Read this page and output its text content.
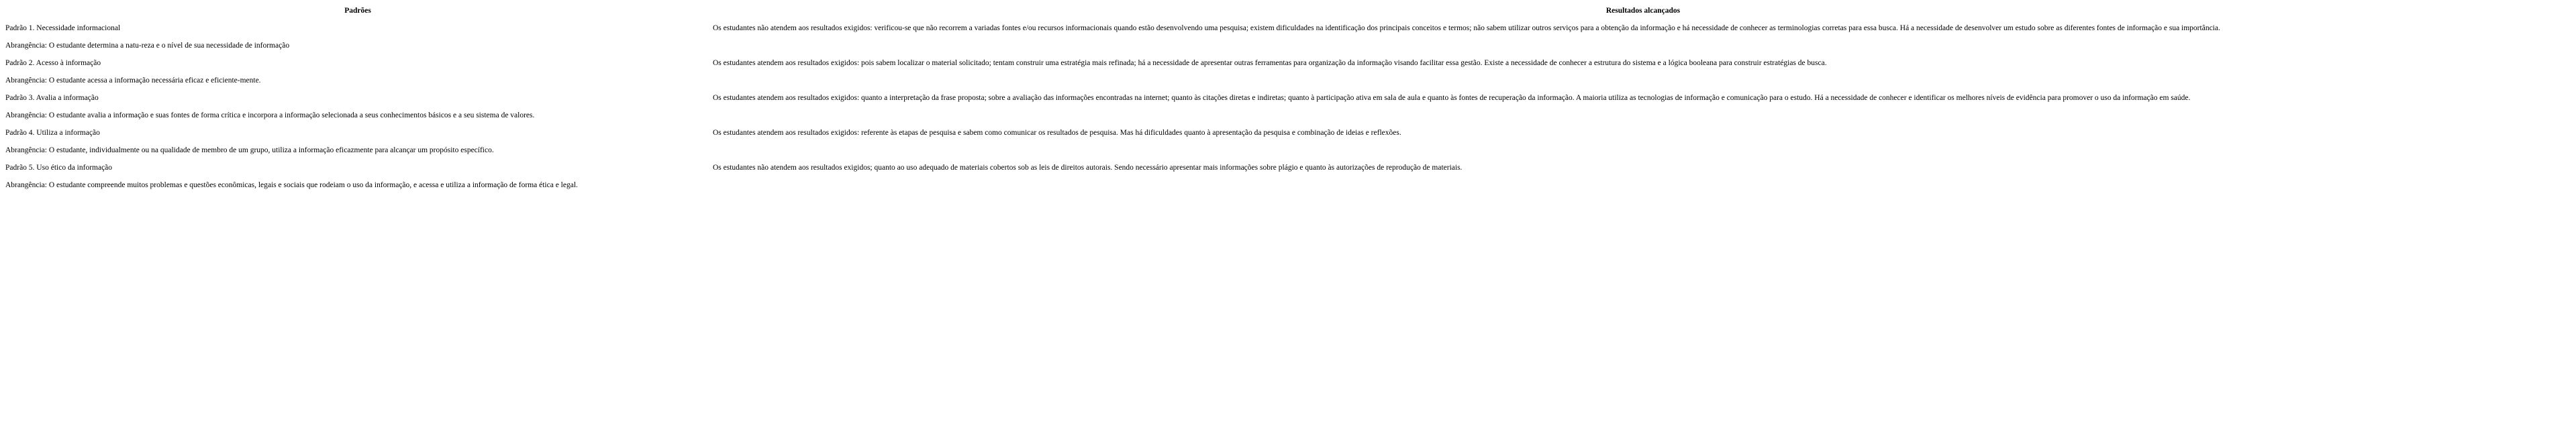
Padrões	Resultados alcançados
Padrão 1. Necessidade informacional	Os estudantes não atendem aos resultados exigidos: verificou-se que não recorrem a variadas fontes e/ou recursos informacionais quando estão desenvolvendo uma pesquisa; existem dificuldades na identificação dos principais conceitos e termos; não sabem utilizar outros serviços para a obtenção da informação e há necessidade de conhecer as terminologias corretas para essa busca. Há a necessidade de desenvolver um estudo sobre as diferentes fontes de informação e sua importância.
Abrangência: O estudante determina a natu-reza e o nível de sua necessidade de informação	
Padrão 2. Acesso à informação	Os estudantes atendem aos resultados exigidos: pois sabem localizar o material solicitado; tentam construir uma estratégia mais refinada; há a necessidade de apresentar outras ferramentas para organização da informação visando facilitar essa gestão. Existe a necessidade de conhecer a estrutura do sistema e a lógica booleana para construir estratégias de busca.
Abrangência: O estudante acessa a informação necessária eficaz e eficiente-mente.	
Padrão 3. Avalia a informação	Os estudantes atendem aos resultados exigidos: quanto a interpretação da frase proposta; sobre a avaliação das informações encontradas na internet; quanto às citações diretas e indiretas; quanto à participação ativa em sala de aula e quanto às fontes de recuperação da informação. A maioria utiliza as tecnologias de informação e comunicação para o estudo. Há a necessidade de conhecer e identificar os melhores níveis de evidência para promover o uso da informação em saúde.
Abrangência: O estudante avalia a informação e suas fontes de forma crítica e incorpora a informação selecionada a seus conhecimentos básicos e a seu sistema de valores.	
Padrão 4. Utiliza a informação	Os estudantes atendem aos resultados exigidos: referente às etapas de pesquisa e sabem como comunicar os resultados de pesquisa. Mas há dificuldades quanto à apresentação da pesquisa e combinação de ideias e reflexões.
Abrangência: O estudante, individualmente ou na qualidade de membro de um grupo, utiliza a informação eficazmente para alcançar um propósito específico.	
Padrão 5. Uso ético da informação	Os estudantes não atendem aos resultados exigidos; quanto ao uso adequado de materiais cobertos sob as leis de direitos autorais. Sendo necessário apresentar mais informações sobre plágio e quanto às autorizações de reprodução de materiais.
Abrangência: O estudante compreende muitos problemas e questões econômicas, legais e sociais que rodeiam o uso da informação, e acessa e utiliza a informação de forma ética e legal.	
